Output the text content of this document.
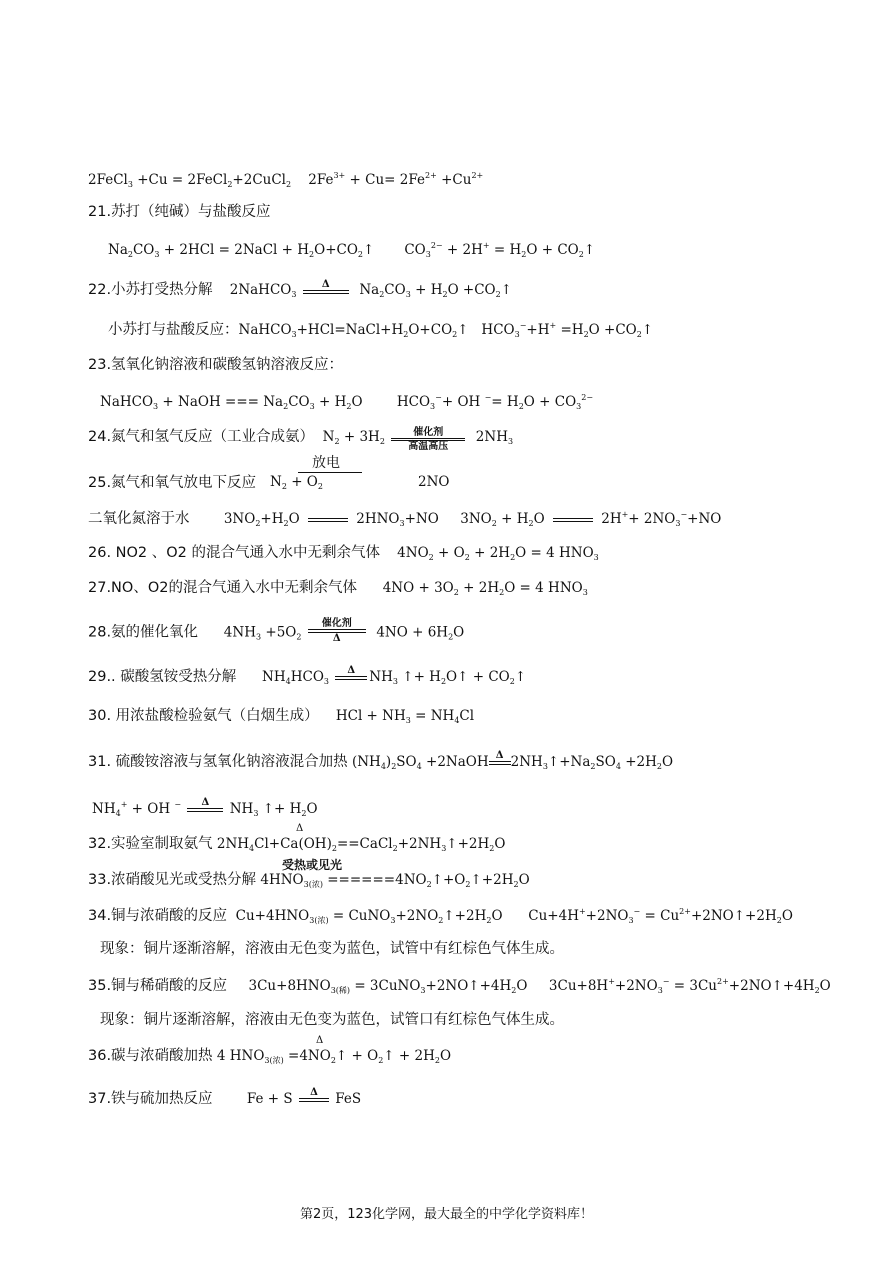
2FeCl$_3$ +Cu = 2FeCl$_2$+2CuCl$_2$    $2Fe^{3+} + Cu= 2Fe^{2+} +Cu^{2+}$
21.苏打（纯碱）与盐酸反应
$Na_2CO_3 + 2HCl$ = 2NaCl + $H_2O+CO_2↑$       $CO_3^{2-} + 2H^+ = H_2O$ + $CO_2↑$
22.小苏打受热分解    2NaHCO$_3$
Δ	$Na_2CO_3 + H_2O$ $+CO_2↑$
小苏打与盐酸反应：$NaHCO_3+HCl=NaCl+H_2O+CO_2↑$   $HCO_3^-+H^+ =H_2O$ $+CO_2↑$
23.氢氧化钠溶液和碳酸氢钠溶液反应：
NaHCO$_3$ + NaOH === $Na_2CO_3 + H_2O$        $HCO_3^-+$ OH $^-= H_2O + CO_3^{2-}$
24.氮气和氢气反应（工业合成氨）  $N_2 + 3H_2$
催化剂
高温高压
$2NH_3$
25.氮气和氧气放电下反应 $N_2 + O_2$
放电
2NO
二氧化氮溶于水        $3NO_2+H_2O$	$2HNO_3+NO$     $3NO_2 + H_2O$	$2H^++ 2NO_3^-+NO$
26. NO2 、O2 的混合气通入水中无剩余气体    $4NO_2 + O_2 + 2H_2O = 4$ $HNO_3$
27.NO、O2的混合气通入水中无剩余气体      $4NO + 3O_2 + 2H_2O = 4$ $HNO_3$
28.氨的催化氧化      $4NH_3 +5O_2$
催化剂
Δ	$4NO + 6H_2O$
29.. 碳酸氢铵受热分解      $NH_4HCO_3$
Δ	$NH_3$ ↑+ $H_2O↑$ + $CO_2↑$
30. 用浓盐酸检验氨气（白烟生成）    HCl + $NH_3 = NH_4Cl$
31. 硫酸铵溶液与氢氧化钠溶液混合加热 $(NH_4)_2SO_4$ +2NaOH Δ $2NH_3↑+Na_2SO_4 +2H_2O$
$NH_4^+$ + OH −	Δ	$NH_3$ ↑+ $H_2O$
32.实验室制取氨气 $2NH_4Cl+Ca(OH)_2==CaCl_2+2NH_3↑+2H_2O$
Δ
受热或见光
33.浓硝酸见光或受热分解 $4HNO_{3(浓)}$ $======4NO_2↑+O_2↑+2H_2O$
34.铜与浓硝酸的反应  $Cu+4HNO_{3(浓)}$ = $CuNO_3+2NO_2↑+2H_2O$      $Cu+4H^++2NO_3^-$ = $Cu^{2+}+2NO↑+2H_2O$
现象：铜片逐渐溶解，溶液由无色变为蓝色，试管中有红棕色气体生成。
35.铜与稀硝酸的反应     $3Cu+8HNO_{3(稀)}$ = $3CuNO_3+2NO↑+4H_2O$     $3Cu+8H^++2NO_3^-$ = $3Cu^{2+}+2NO↑+4H_2O$
现象：铜片逐渐溶解，溶液由无色变为蓝色，试管口有红棕色气体生成。
Δ
36.碳与浓硝酸加热 4 $HNO_{3(浓)}$ $=4NO_2↑$ + $O_2↑ + 2H_2O$
37.铁与硫加热反应        Fe + S	Δ FeS
第2页，123化学网，最大最全的中学化学资料库！
